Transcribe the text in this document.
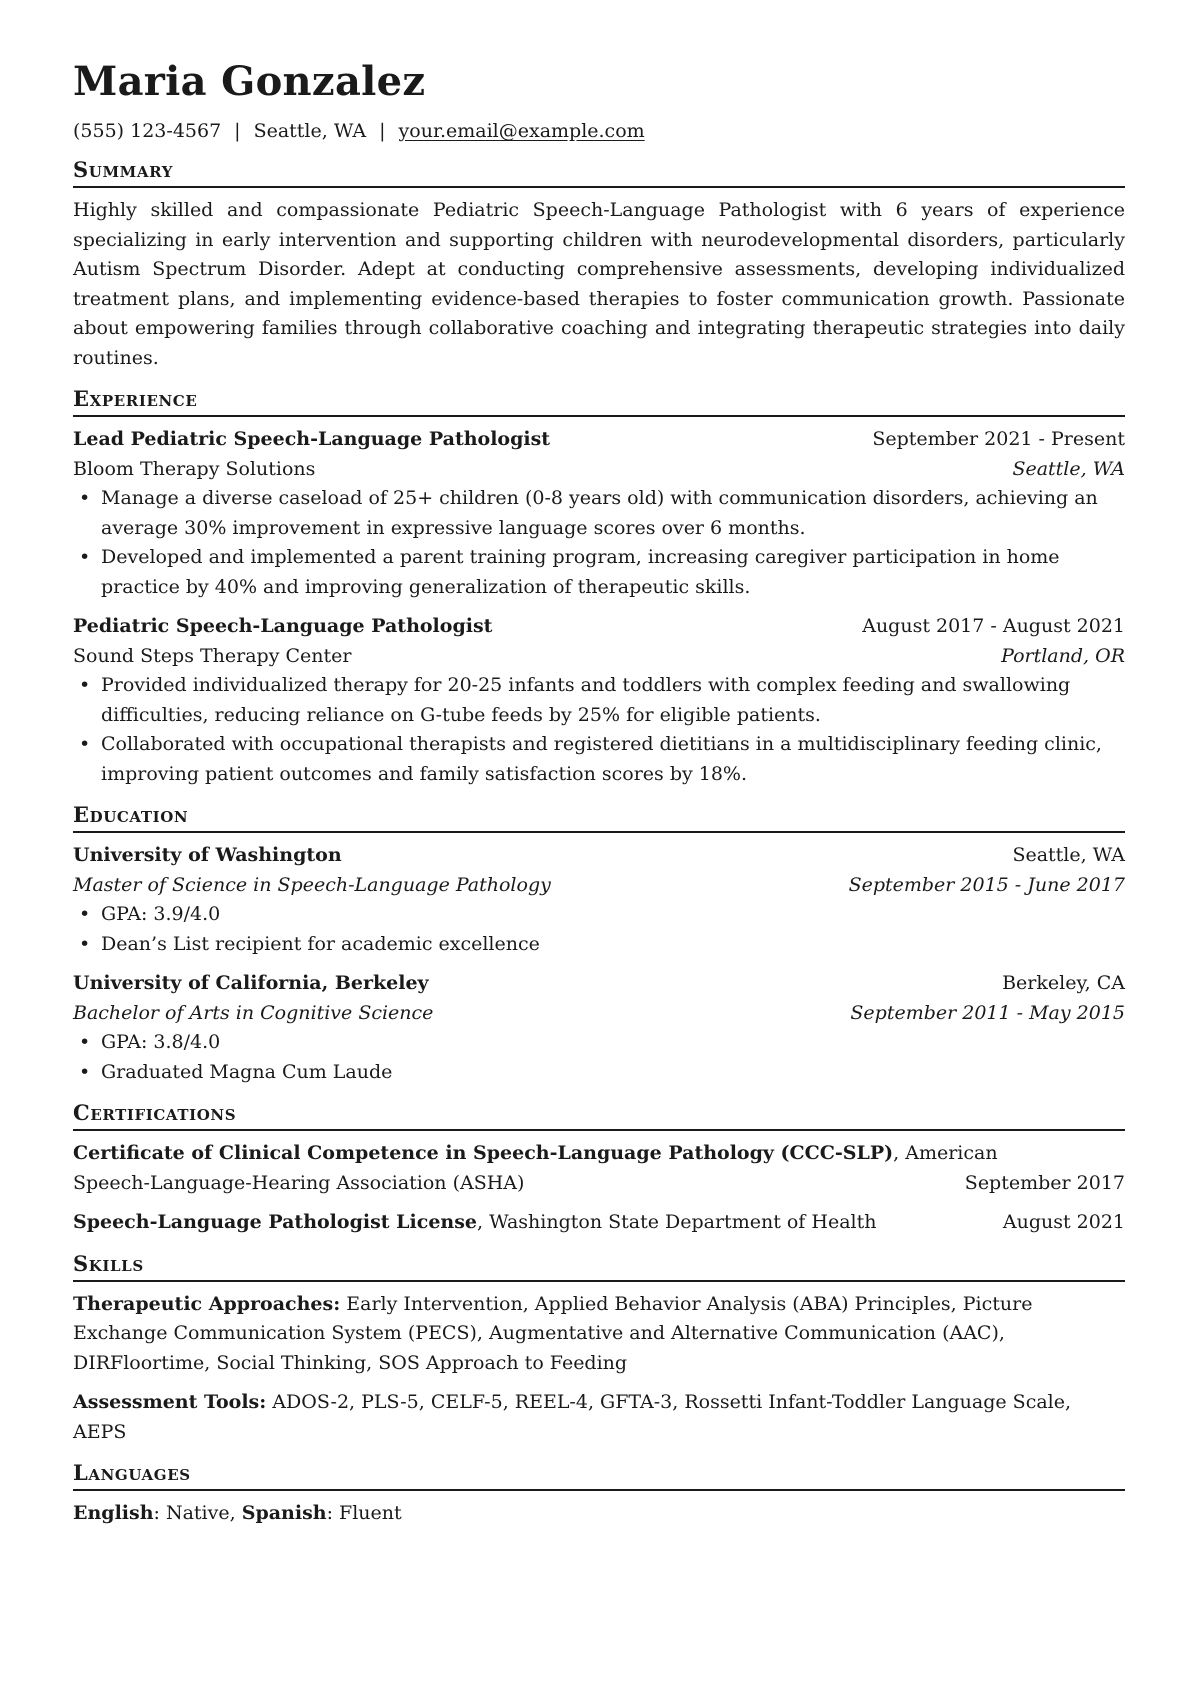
Maria Gonzalez
(555) 123-4567 | Seattle, WA | your.email@example.com
Summary

Highly skilled and compassionate Pediatric Speech-Language Pathologist with 6 years of experience specializing in early intervention and supporting children with neurodevelopmental disorders, particularly Autism Spectrum Disorder. Adept at conducting comprehensive assessments, developing individualized treatment plans, and implementing evidence-based therapies to foster communication growth. Passionate about empowering families through collaborative coaching and integrating therapeutic strategies into daily routines.

Experience
Lead Pediatric Speech-Language Pathologist	September 2021 - Present
Bloom Therapy Solutions	Seattle, WA
• Manage a diverse caseload of 25+ children (0-8 years old) with communication disorders, achieving an average 30% improvement in expressive language scores over 6 months.
• Developed and implemented a parent training program, increasing caregiver participation in home practice by 40% and improving generalization of therapeutic skills.
Pediatric Speech-Language Pathologist	August 2017 - August 2021
Sound Steps Therapy Center	Portland, OR
• Provided individualized therapy for 20-25 infants and toddlers with complex feeding and swallowing difficulties, reducing reliance on G-tube feeds by 25% for eligible patients.
• Collaborated with occupational therapists and registered dietitians in a multidisciplinary feeding clinic, improving patient outcomes and family satisfaction scores by 18%.
Education
University of Washington	Seattle, WA
Master of Science in Speech-Language Pathology	September 2015 - June 2017
• GPA: 3.9/4.0
• Dean’s List recipient for academic excellence
University of California, Berkeley	Berkeley, CA
Bachelor of Arts in Cognitive Science	September 2011 - May 2015
• GPA: 3.8/4.0
• Graduated Magna Cum Laude
Certifications
Certificate of Clinical Competence in Speech-Language Pathology (CCC-SLP), American
Speech-Language-Hearing Association (ASHA)	September 2017
Speech-Language Pathologist License, Washington State Department of Health	August 2021
Skills
Therapeutic Approaches: Early Intervention, Applied Behavior Analysis (ABA) Principles, Picture Exchange Communication System (PECS), Augmentative and Alternative Communication (AAC), DIRFloortime, Social Thinking, SOS Approach to Feeding
Assessment Tools: ADOS-2, PLS-5, CELF-5, REEL-4, GFTA-3, Rossetti Infant-Toddler Language Scale, AEPS
Languages
English: Native, Spanish: Fluent
